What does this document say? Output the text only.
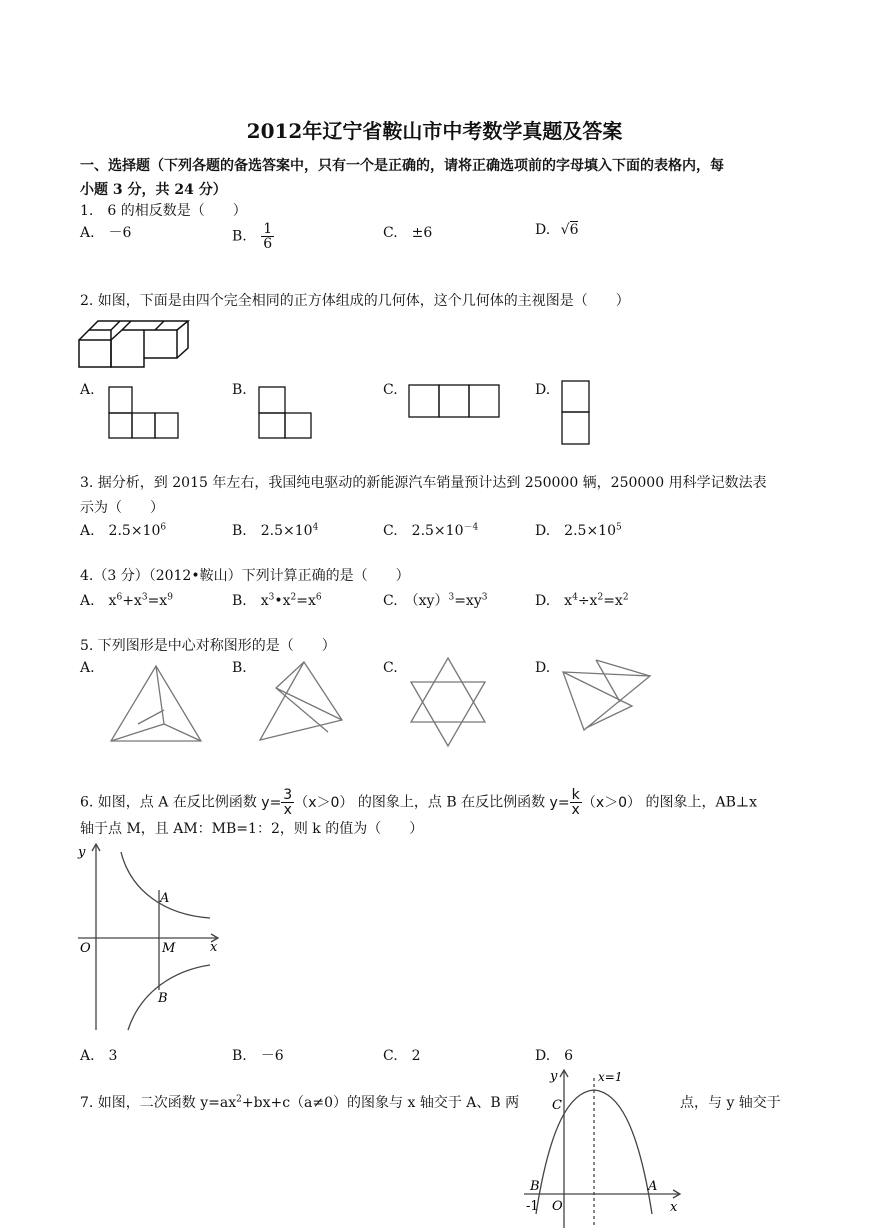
2012年辽宁省鞍山市中考数学真题及答案
一、选择题（下列各题的备选答案中，只有一个是正确的，请将正确选项前的字母填入下面的表格内，每
小题 3 分，共 24 分）
1.　6 的相反数是（　　）
A.　－6	B. $\frac{1}{6}$	C.　±6	D. √6
2. 如图，下面是由四个完全相同的正方体组成的几何体，这个几何体的主视图是（　　）
A.	B.	C.	D.
3. 据分析，到 2015 年左右，我国纯电驱动的新能源汽车销量预计达到 250000 辆，250000 用科学记数法表
示为（　　）
A.　$2.5\times 10^6$	B.　$2.5\times 10^4$	C.　$2.5\times 10^{-4}$	D.　$2.5\times 10^5$
4.（3 分）（2012•鞍山）下列计算正确的是（　　）
A.　$x^6+x^3=x^9$	B.　$x^3•x^2=x^6$	C.　$(xy)^3=xy^3$	D.　$x^4\div x^2=x^2$
5. 下列图形是中心对称图形的是（　　）
A.	B.	C.	D.
6. 如图，点 A 在反比例函数 $y= \frac{3}{x} (x>0)$ 的图象上，点 B 在反比例函数 $y= \frac{k}{x} (x>0)$ 的图象上，AB⊥x
轴于点 M，且 AM：MB=1：2，则 k 的值为（　　）
y
x
O
A
M
B
A.　3	B.　－6	C.　2	D.　6
7. 如图，二次函数 $y=ax^2+bx+c(a\ne 0)$的图象与 x 轴交于 A、B 两	点，与 y 轴交于
y	x=1
C
B	A
O
-1	x
